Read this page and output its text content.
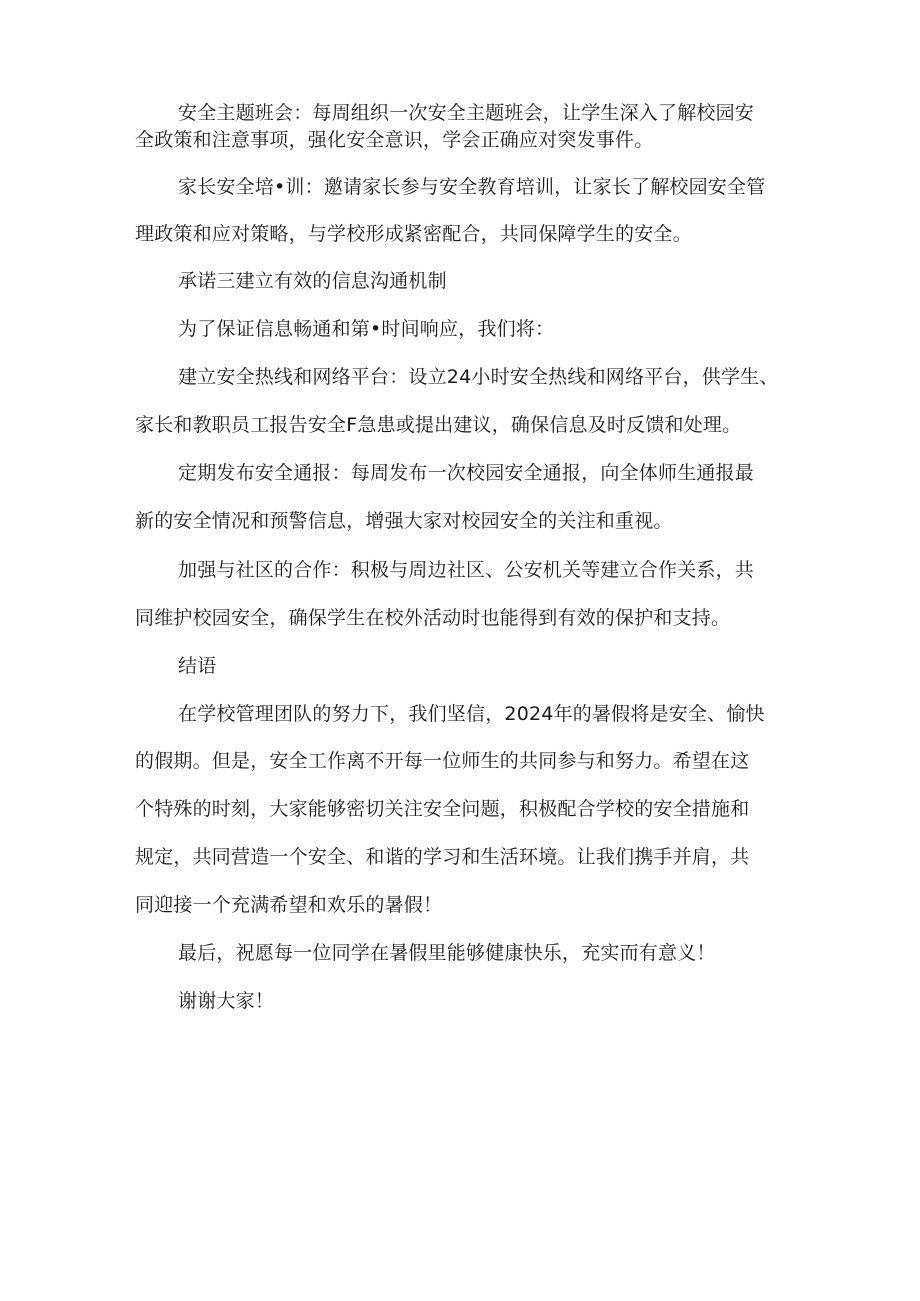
安全主题班会：每周组织一次安全主题班会，让学生深入了解校园安

全政策和注意事项，强化安全意识，学会正确应对突发事件。

家长安全培•训：邀请家长参与安全教育培训，让家长了解校园安全管

理政策和应对策略，与学校形成紧密配合，共同保障学生的安全。

承诺三建立有效的信息沟通机制

为了保证信息畅通和第•时间响应，我们将：

建立安全热线和网络平台：设立24小时安全热线和网络平台，供学生、

家长和教职员工报告安全F急患或提出建议，确保信息及时反馈和处理。

定期发布安全通报：每周发布一次校园安全通报，向全体师生通报最

新的安全情况和预警信息，增强大家对校园安全的关注和重视。

加强与社区的合作：积极与周边社区、公安机关等建立合作关系，共

同维护校园安全，确保学生在校外活动时也能得到有效的保护和支持。

结语

在学校管理团队的努力下，我们坚信，2024年的暑假将是安全、愉快

的假期。但是，安全工作离不开每一位师生的共同参与和努力。希望在这

个特殊的时刻，大家能够密切关注安全问题，积极配合学校的安全措施和

规定，共同营造一个安全、和谐的学习和生活环境。让我们携手并肩，共

同迎接一个充满希望和欢乐的暑假！

最后，祝愿每一位同学在暑假里能够健康快乐，充实而有意义！

谢谢大家！
